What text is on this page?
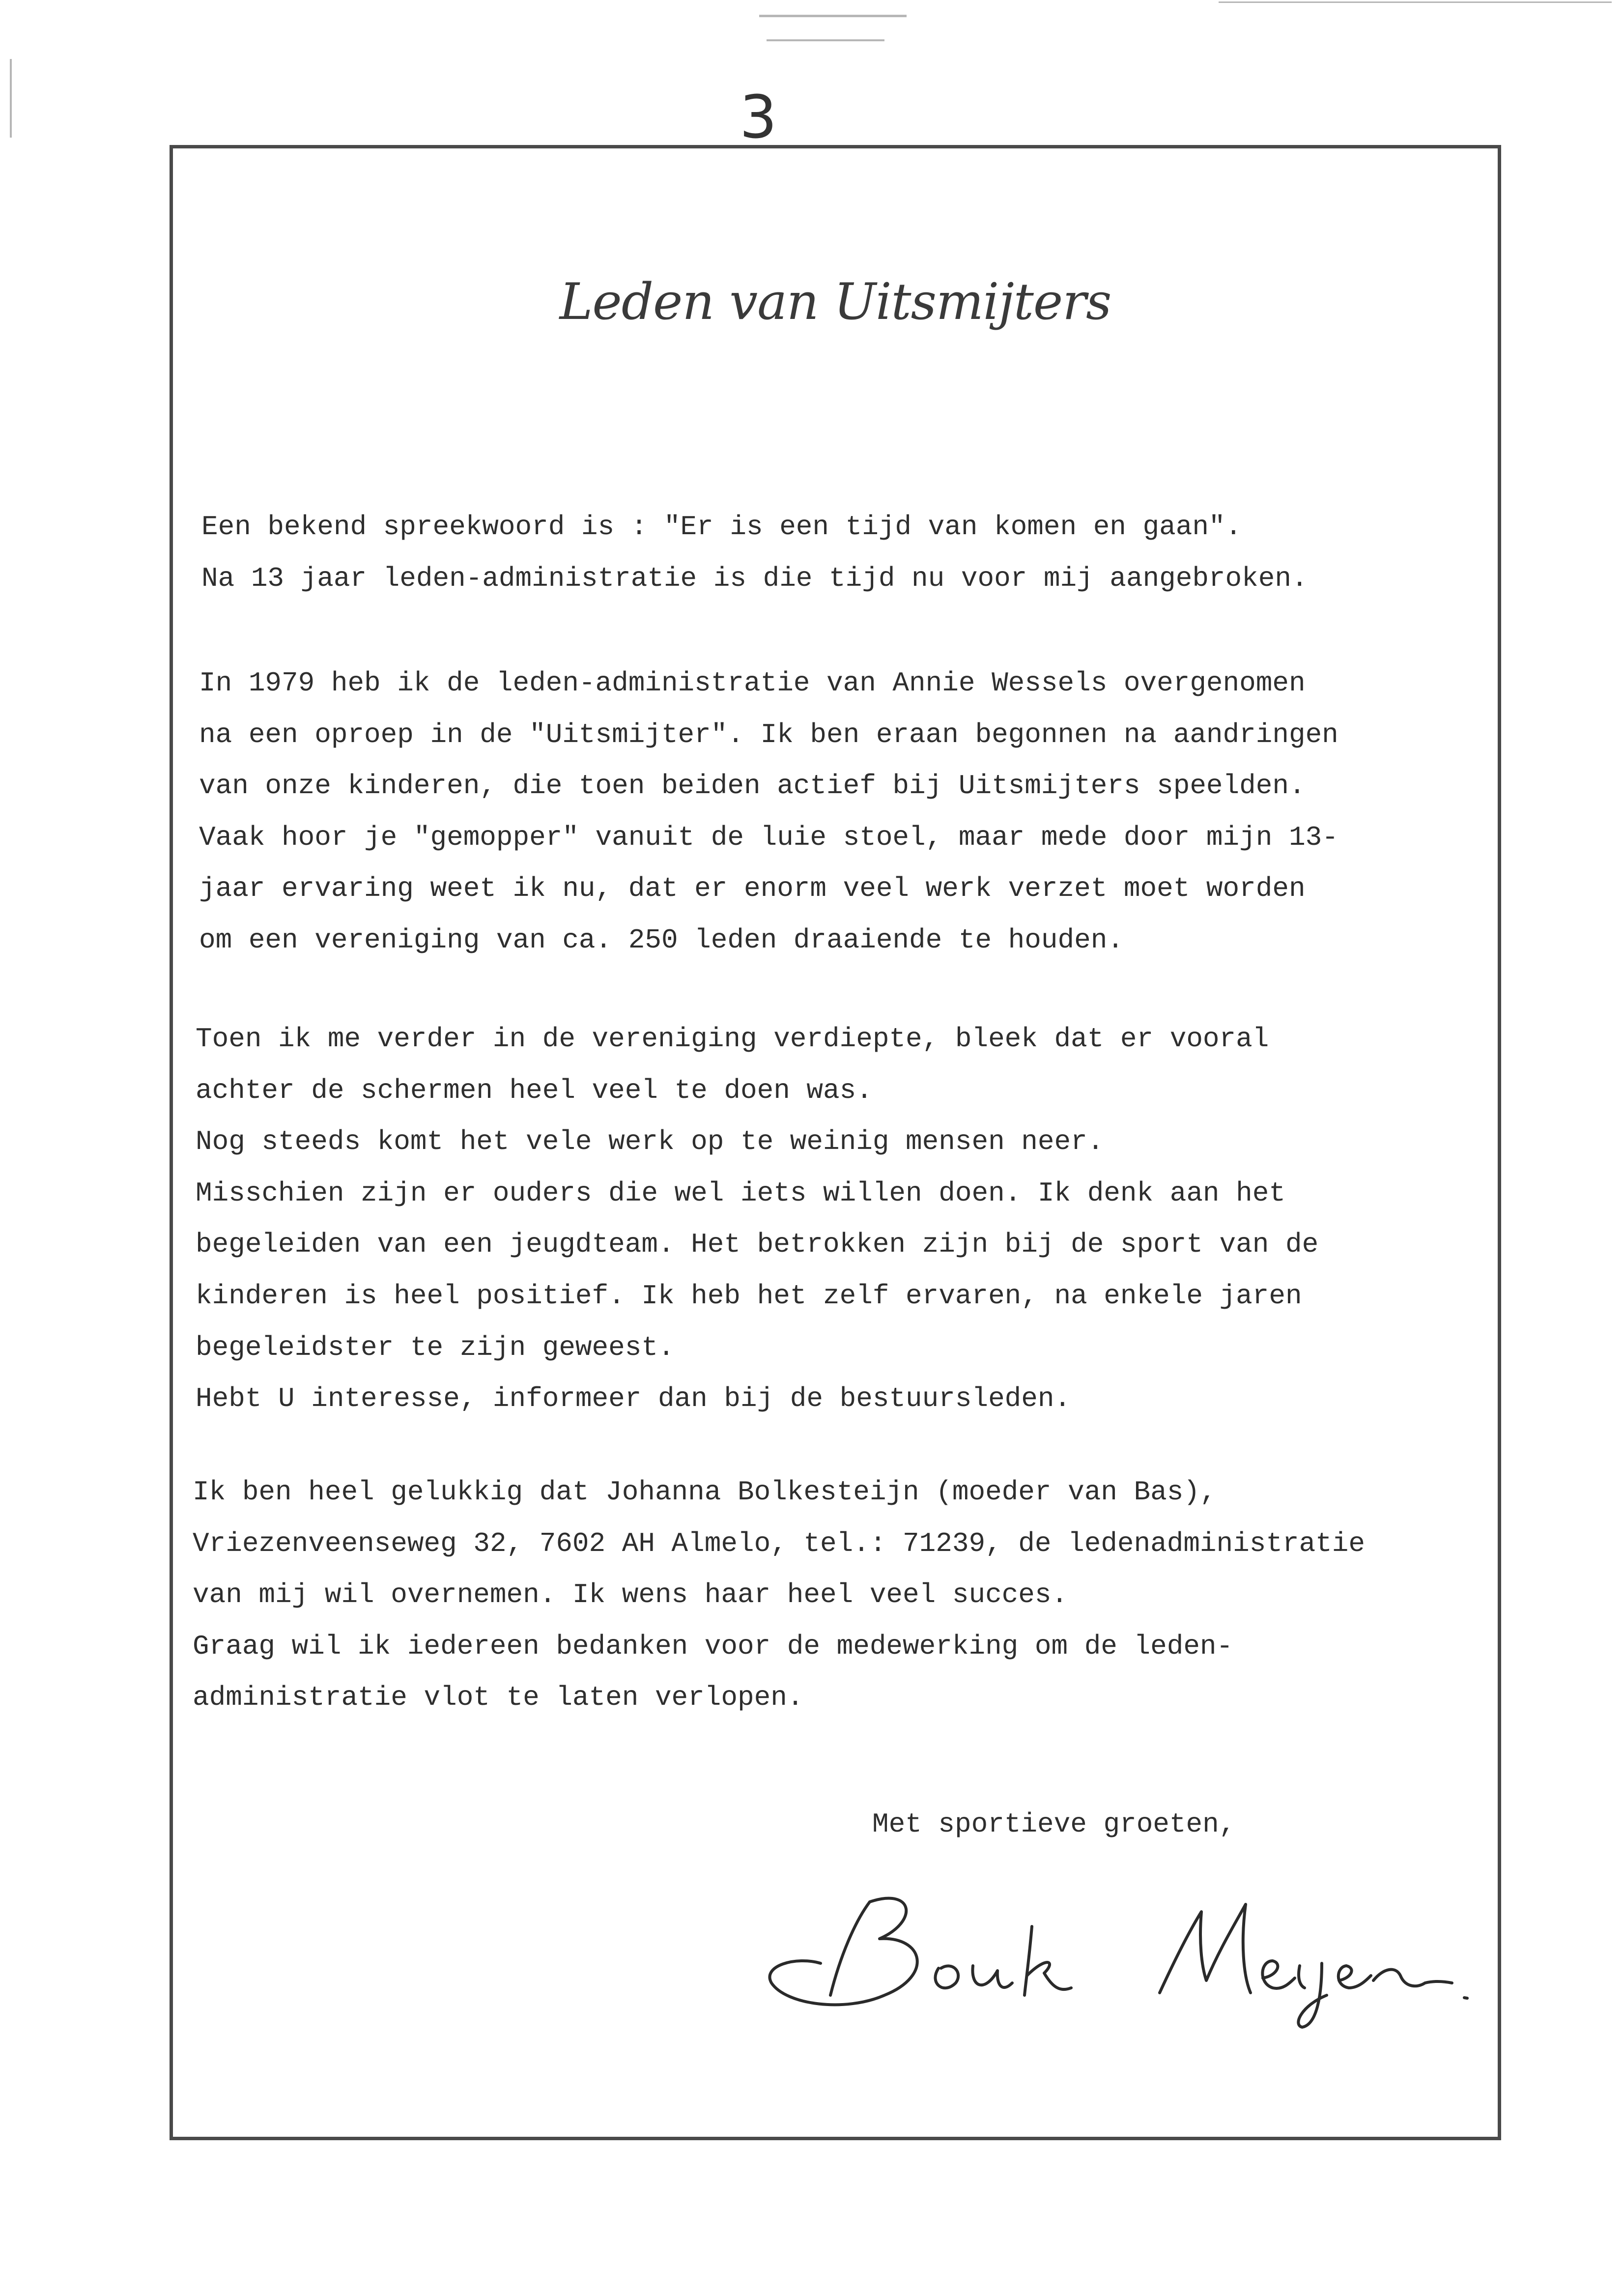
3
Leden van Uitsmijters
Een bekend spreekwoord is : "Er is een tijd van komen en gaan".
Na 13 jaar leden-administratie is die tijd nu voor mij aangebroken.
In 1979 heb ik de leden-administratie van Annie Wessels overgenomen
na een oproep in de "Uitsmijter". Ik ben eraan begonnen na aandringen
van onze kinderen, die toen beiden actief bij Uitsmijters speelden.
Vaak hoor je "gemopper" vanuit de luie stoel, maar mede door mijn 13-
jaar ervaring weet ik nu, dat er enorm veel werk verzet moet worden
om een vereniging van ca. 250 leden draaiende te houden.
Toen ik me verder in de vereniging verdiepte, bleek dat er vooral
achter de schermen heel veel te doen was.
Nog steeds komt het vele werk op te weinig mensen neer.
Misschien zijn er ouders die wel iets willen doen. Ik denk aan het
begeleiden van een jeugdteam. Het betrokken zijn bij de sport van de
kinderen is heel positief. Ik heb het zelf ervaren, na enkele jaren
begeleidster te zijn geweest.
Hebt U interesse, informeer dan bij de bestuursleden.
Ik ben heel gelukkig dat Johanna Bolkesteijn (moeder van Bas),
Vriezenveenseweg 32, 7602 AH Almelo, tel.: 71239, de ledenadministratie
van mij wil overnemen. Ik wens haar heel veel succes.
Graag wil ik iedereen bedanken voor de medewerking om de leden-
administratie vlot te laten verlopen.
Met sportieve groeten,
